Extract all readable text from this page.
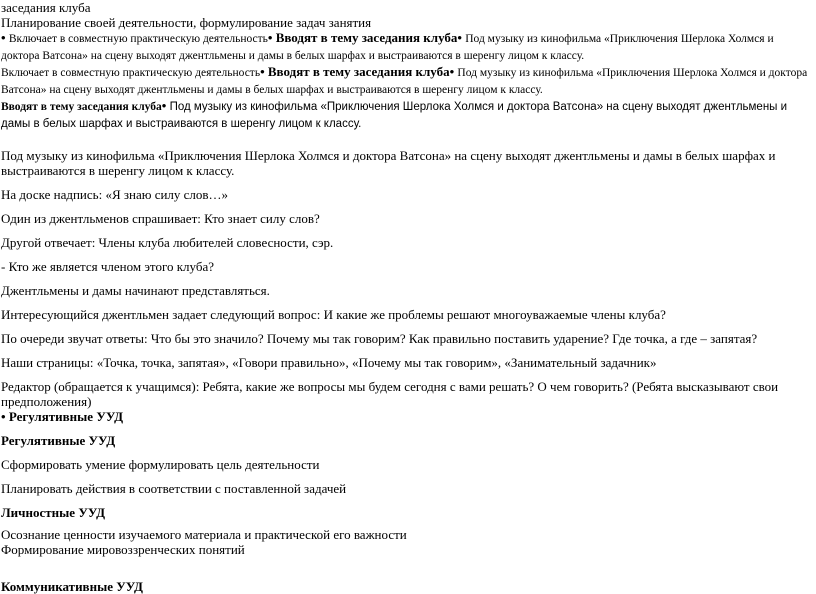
заседания клуба

Планирование своей деятельности, формулирование задач занятия

• Включает в совместную практическую деятельность• Вводят в тему заседания клуба• Под музыку из кинофильма «Приключения Шерлока Холмся и доктора Ватсона» на сцену выходят джентльмены и дамы в белых шарфах и выстраиваются в шеренгу лицом к классу.

Включает в совместную практическую деятельность• Вводят в тему заседания клуба• Под музыку из кинофильма «Приключения Шерлока Холмся и доктора Ватсона» на сцену выходят джентльмены и дамы в белых шарфах и выстраиваются в шеренгу лицом к классу.

Вводят в тему заседания клуба• Под музыку из кинофильма «Приключения Шерлока Холмся и доктора Ватсона» на сцену выходят джентльмены и дамы в белых шарфах и выстраиваются в шеренгу лицом к классу.

Под музыку из кинофильма «Приключения Шерлока Холмся и доктора Ватсона» на сцену выходят джентльмены и дамы в белых шарфах и выстраиваются в шеренгу лицом к классу.

На доске надпись: «Я знаю силу слов…»

Один из джентльменов спрашивает: Кто знает силу слов?

Другой отвечает: Члены клуба любителей словесности, сэр.

- Кто же является членом этого клуба?

Джентльмены и дамы начинают представляться.

Интересующийся джентльмен задает следующий вопрос: И какие же проблемы решают многоуважаемые члены клуба?

По очереди звучат ответы: Что бы это значило? Почему мы так говорим? Как правильно поставить ударение? Где точка, а где – запятая?

Наши страницы: «Точка, точка, запятая», «Говори правильно», «Почему мы так говорим», «Занимательный задачник»

Редактор (обращается к учащимся): Ребята, какие же вопросы мы будем сегодня с вами решать? О чем говорить? (Ребята высказывают свои предположения)

• Регулятивные УУД

Регулятивные УУД

Сформировать умение формулировать цель деятельности

Планировать действия в соответствии с поставленной задачей

Личностные УУД

Осознание ценности изучаемого материала и практической его важности

Формирование мировоззренческих понятий

Коммуникативные УУД
